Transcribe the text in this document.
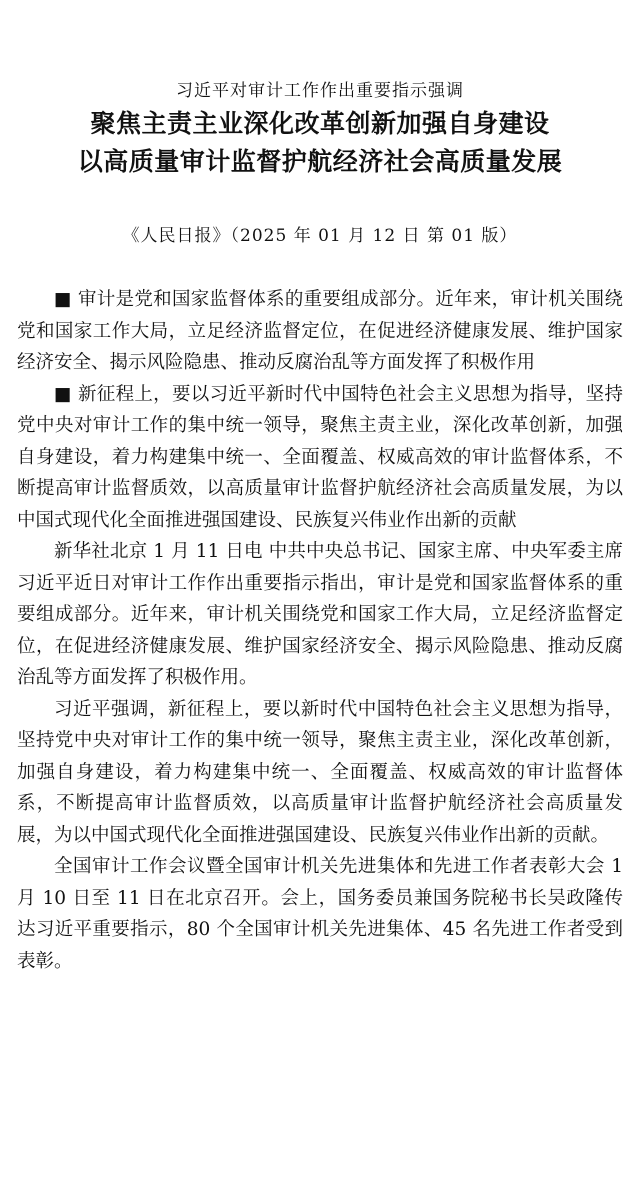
习近平对审计工作作出重要指示强调
聚焦主责主业深化改革创新加强自身建设
以高质量审计监督护航经济社会高质量发展
《人民日报》（2025 年 01 月 12 日 第 01 版）

■ 审计是党和国家监督体系的重要组成部分。近年来，审计机关围绕党和国家工作大局，立足经济监督定位，在促进经济健康发展、维护国家经济安全、揭示风险隐患、推动反腐治乱等方面发挥了积极作用

■ 新征程上，要以习近平新时代中国特色社会主义思想为指导，坚持党中央对审计工作的集中统一领导，聚焦主责主业，深化改革创新，加强自身建设，着力构建集中统一、全面覆盖、权威高效的审计监督体系，不断提高审计监督质效，以高质量审计监督护航经济社会高质量发展，为以中国式现代化全面推进强国建设、民族复兴伟业作出新的贡献

新华社北京 1 月 11 日电 中共中央总书记、国家主席、中央军委主席习近平近日对审计工作作出重要指示指出，审计是党和国家监督体系的重要组成部分。近年来，审计机关围绕党和国家工作大局，立足经济监督定位，在促进经济健康发展、维护国家经济安全、揭示风险隐患、推动反腐治乱等方面发挥了积极作用。

习近平强调，新征程上，要以新时代中国特色社会主义思想为指导，坚持党中央对审计工作的集中统一领导，聚焦主责主业，深化改革创新，加强自身建设，着力构建集中统一、全面覆盖、权威高效的审计监督体系，不断提高审计监督质效，以高质量审计监督护航经济社会高质量发展，为以中国式现代化全面推进强国建设、民族复兴伟业作出新的贡献。

全国审计工作会议暨全国审计机关先进集体和先进工作者表彰大会 1 月 10 日至 11 日在北京召开。会上，国务委员兼国务院秘书长吴政隆传达习近平重要指示，80 个全国审计机关先进集体、45 名先进工作者受到表彰。
